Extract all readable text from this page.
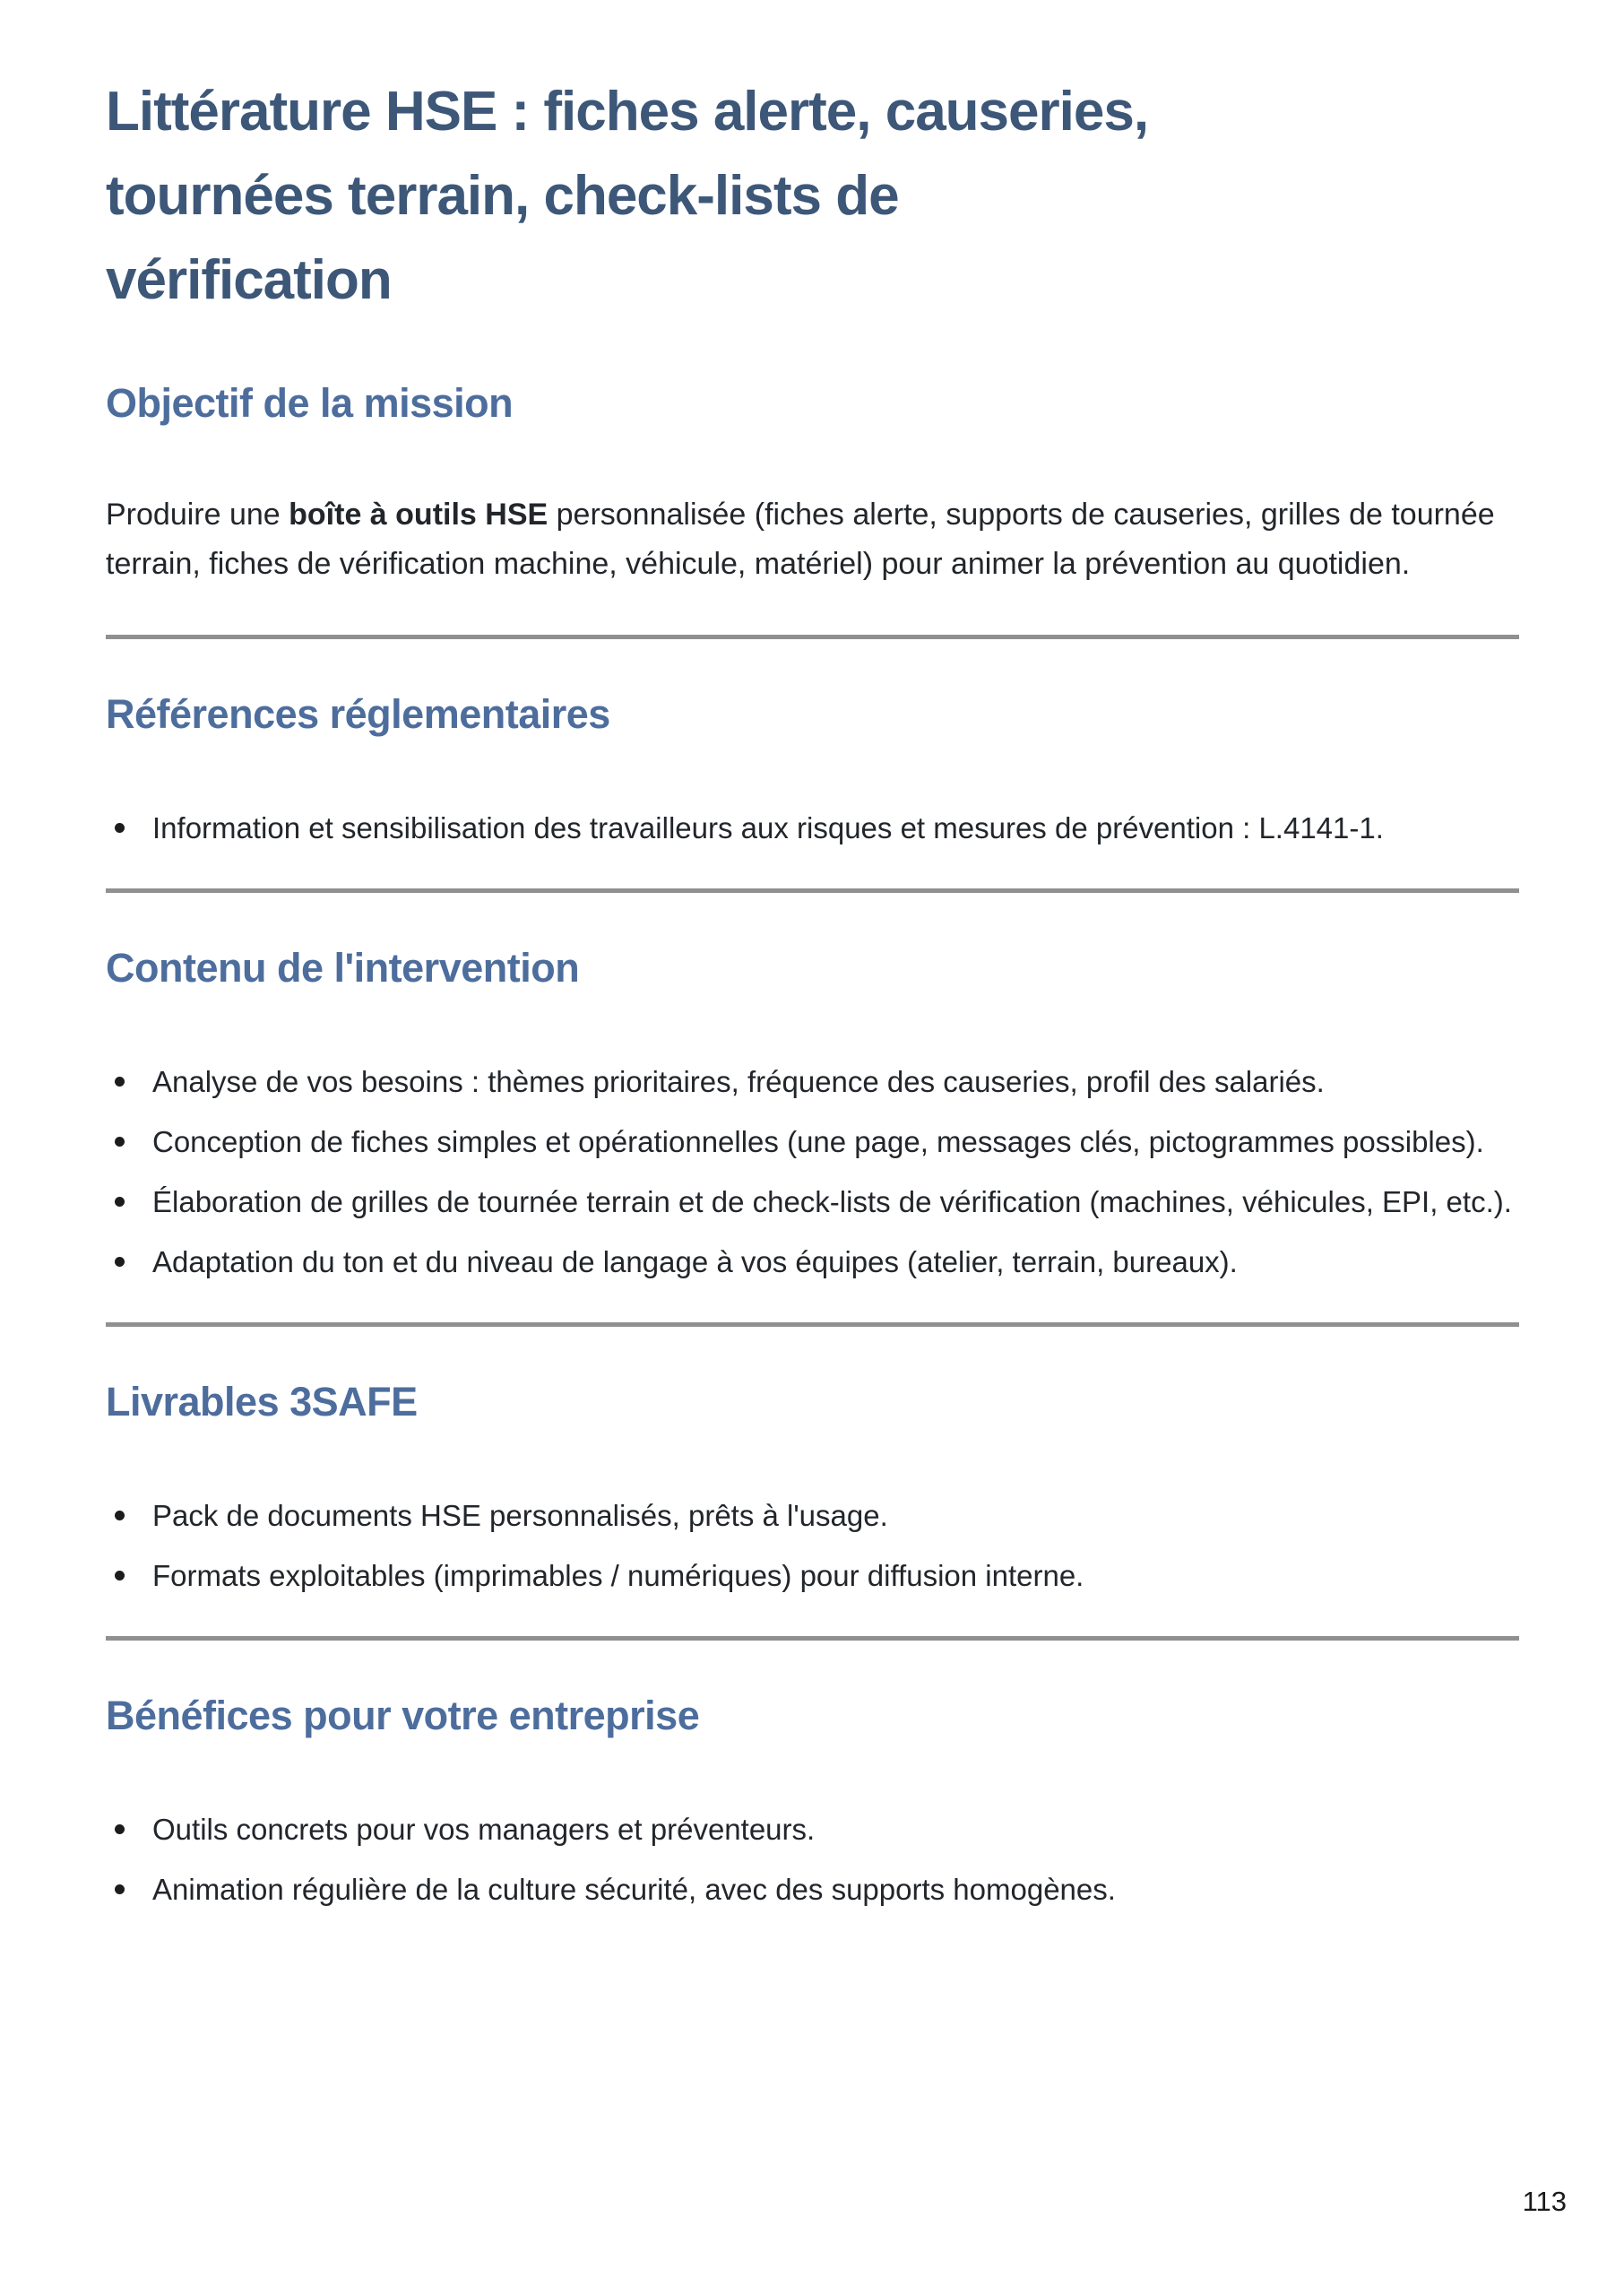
Littérature HSE : fiches alerte, causeries,
tournées terrain, check-lists de
vérification
Objectif de la mission

Produire une boîte à outils HSE personnalisée (fiches alerte, supports de causeries, grilles de tournée terrain, fiches de vérification machine, véhicule, matériel) pour animer la prévention au quotidien.

Références réglementaires
Information et sensibilisation des travailleurs aux risques et mesures de prévention : L.4141-1.
Contenu de l'intervention
Analyse de vos besoins : thèmes prioritaires, fréquence des causeries, profil des salariés.
Conception de fiches simples et opérationnelles (une page, messages clés, pictogrammes possibles).
Élaboration de grilles de tournée terrain et de check-lists de vérification (machines, véhicules, EPI, etc.).
Adaptation du ton et du niveau de langage à vos équipes (atelier, terrain, bureaux).
Livrables 3SAFE
Pack de documents HSE personnalisés, prêts à l'usage.
Formats exploitables (imprimables / numériques) pour diffusion interne.
Bénéfices pour votre entreprise
Outils concrets pour vos managers et préventeurs.
Animation régulière de la culture sécurité, avec des supports homogènes.
113
